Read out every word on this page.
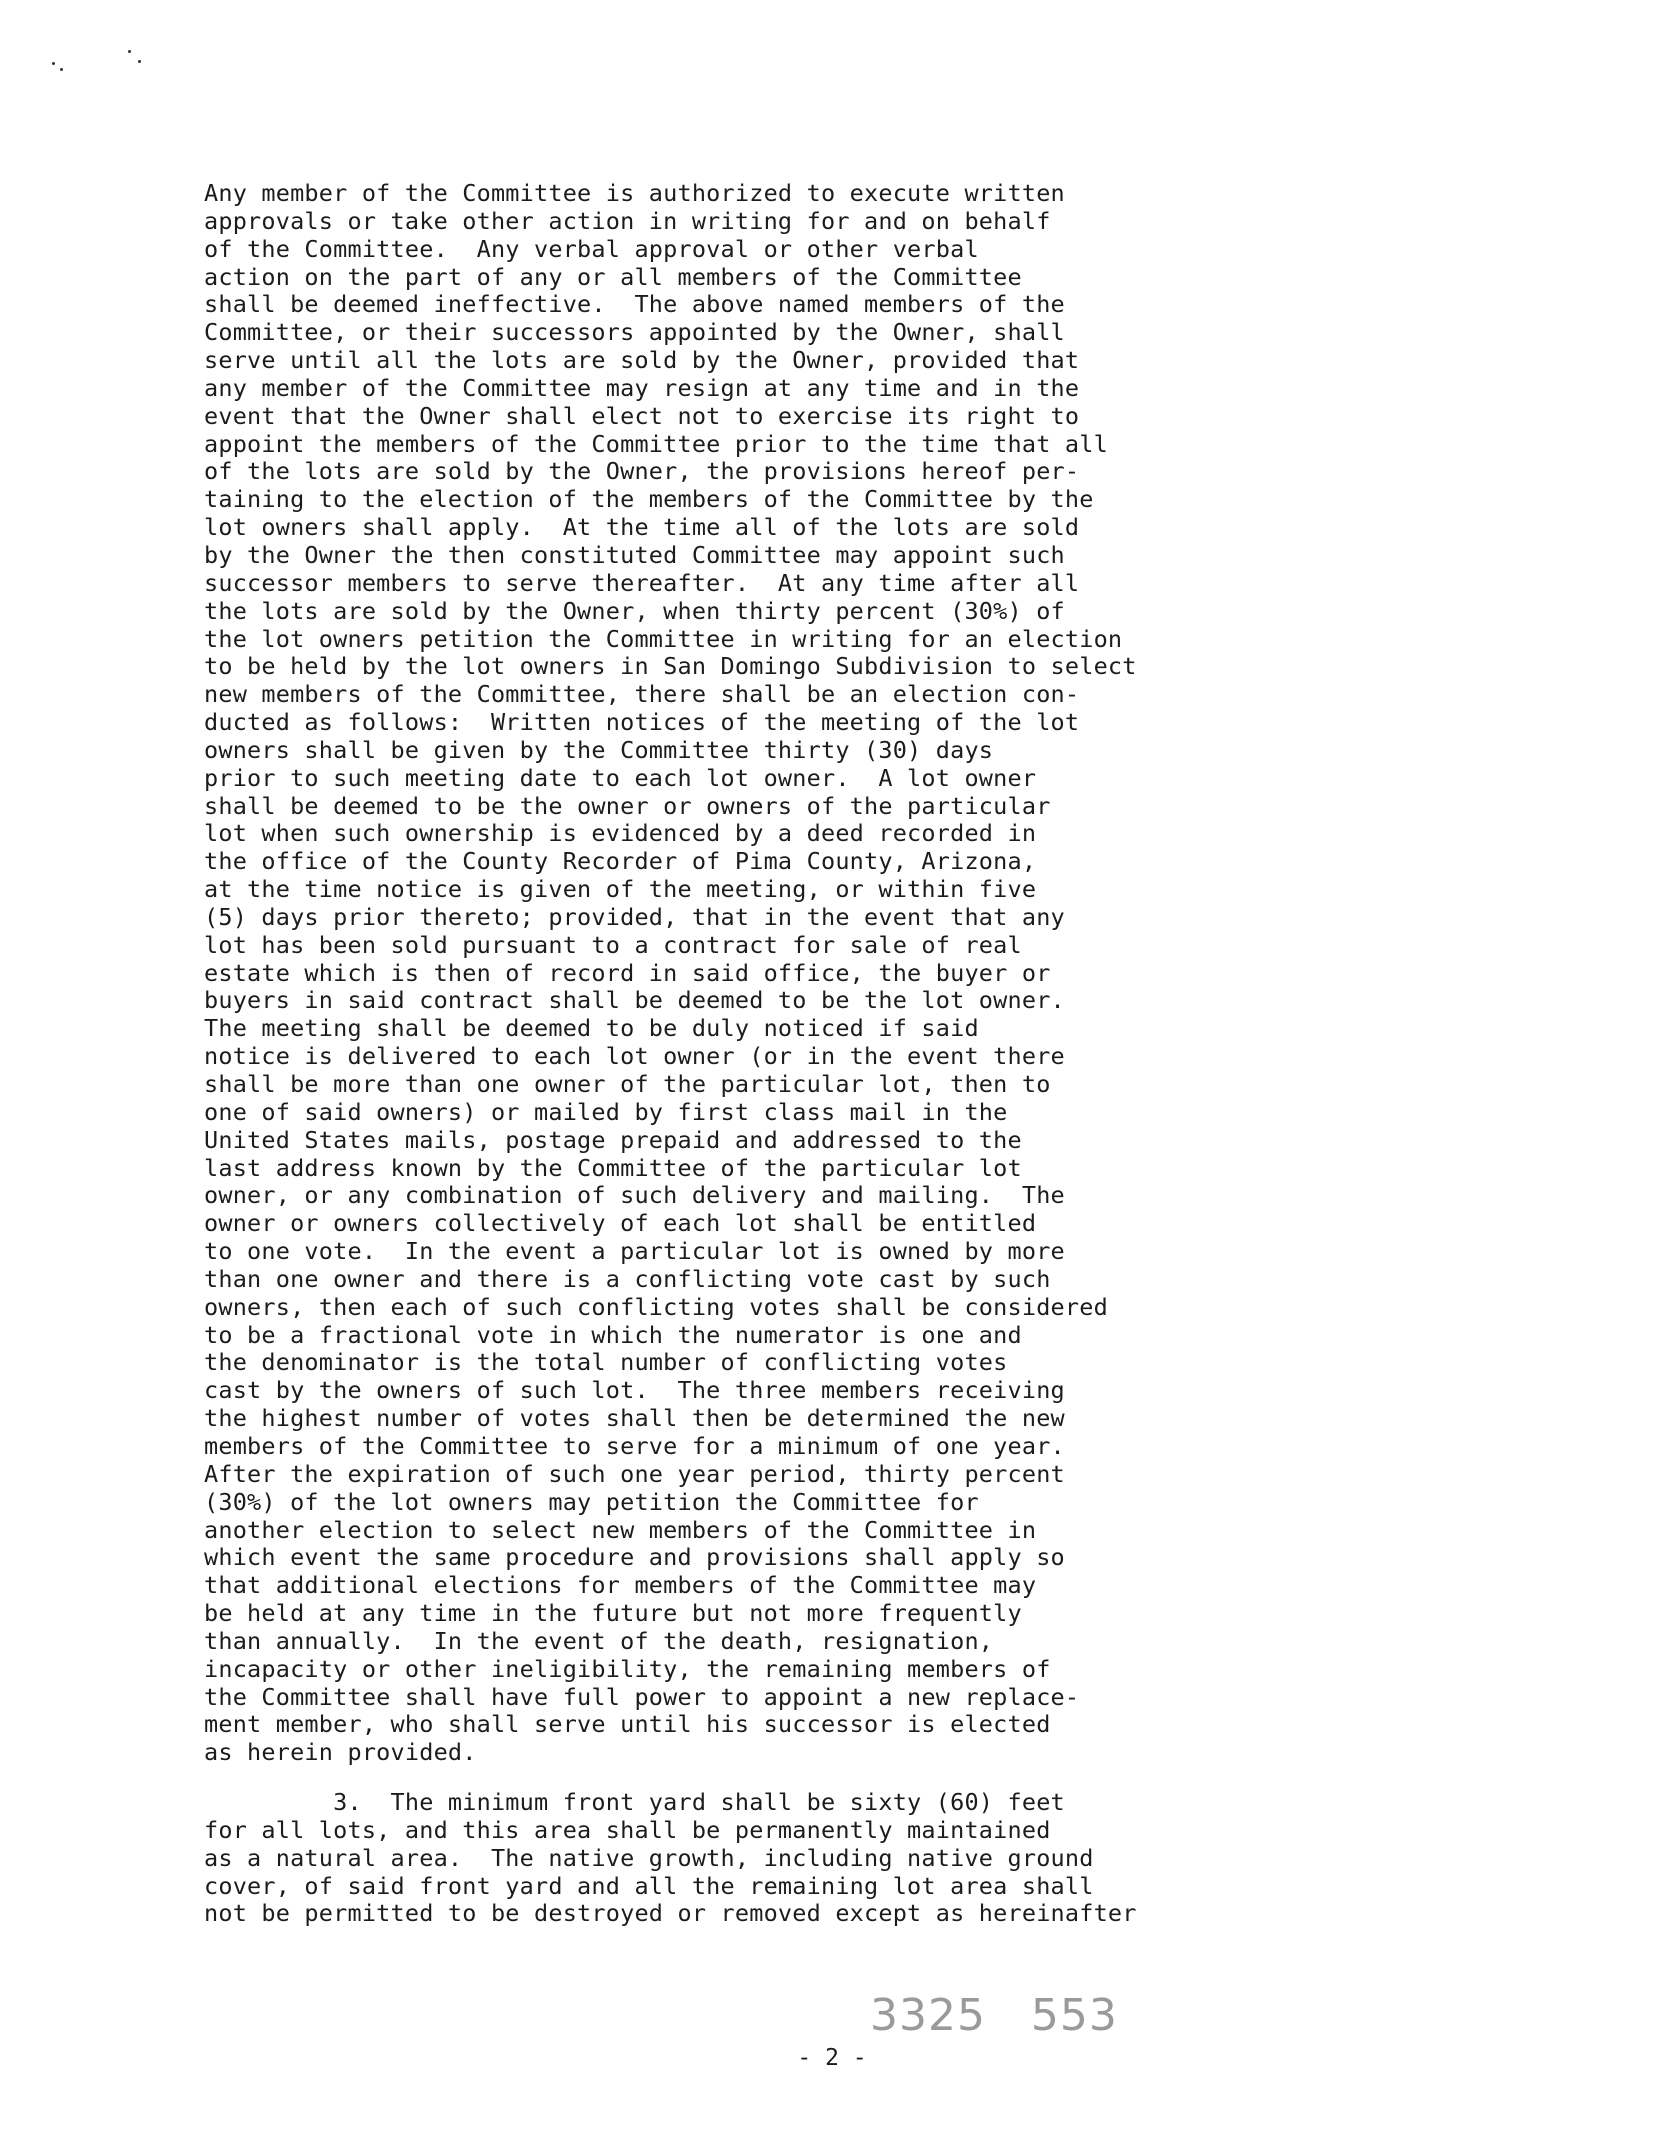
Any member of the Committee is authorized to execute written
approvals or take other action in writing for and on behalf
of the Committee.  Any verbal approval or other verbal
action on the part of any or all members of the Committee
shall be deemed ineffective.  The above named members of the
Committee, or their successors appointed by the Owner, shall
serve until all the lots are sold by the Owner, provided that
any member of the Committee may resign at any time and in the
event that the Owner shall elect not to exercise its right to
appoint the members of the Committee prior to the time that all
of the lots are sold by the Owner, the provisions hereof per-
taining to the election of the members of the Committee by the
lot owners shall apply.  At the time all of the lots are sold
by the Owner the then constituted Committee may appoint such
successor members to serve thereafter.  At any time after all
the lots are sold by the Owner, when thirty percent (30%) of
the lot owners petition the Committee in writing for an election
to be held by the lot owners in San Domingo Subdivision to select
new members of the Committee, there shall be an election con-
ducted as follows:  Written notices of the meeting of the lot
owners shall be given by the Committee thirty (30) days
prior to such meeting date to each lot owner.  A lot owner
shall be deemed to be the owner or owners of the particular
lot when such ownership is evidenced by a deed recorded in
the office of the County Recorder of Pima County, Arizona,
at the time notice is given of the meeting, or within five
(5) days prior thereto; provided, that in the event that any
lot has been sold pursuant to a contract for sale of real
estate which is then of record in said office, the buyer or
buyers in said contract shall be deemed to be the lot owner.
The meeting shall be deemed to be duly noticed if said
notice is delivered to each lot owner (or in the event there
shall be more than one owner of the particular lot, then to
one of said owners) or mailed by first class mail in the
United States mails, postage prepaid and addressed to the
last address known by the Committee of the particular lot
owner, or any combination of such delivery and mailing.  The
owner or owners collectively of each lot shall be entitled
to one vote.  In the event a particular lot is owned by more
than one owner and there is a conflicting vote cast by such
owners, then each of such conflicting votes shall be considered
to be a fractional vote in which the numerator is one and
the denominator is the total number of conflicting votes
cast by the owners of such lot.  The three members receiving
the highest number of votes shall then be determined the new
members of the Committee to serve for a minimum of one year.
After the expiration of such one year period, thirty percent
(30%) of the lot owners may petition the Committee for
another election to select new members of the Committee in
which event the same procedure and provisions shall apply so
that additional elections for members of the Committee may
be held at any time in the future but not more frequently
than annually.  In the event of the death, resignation,
incapacity or other ineligibility, the remaining members of
the Committee shall have full power to appoint a new replace-
ment member, who shall serve until his successor is elected
as herein provided.
3.  The minimum front yard shall be sixty (60) feet
for all lots, and this area shall be permanently maintained
as a natural area.  The native growth, including native ground
cover, of said front yard and all the remaining lot area shall
not be permitted to be destroyed or removed except as hereinafter
3325   553
- 2 -
